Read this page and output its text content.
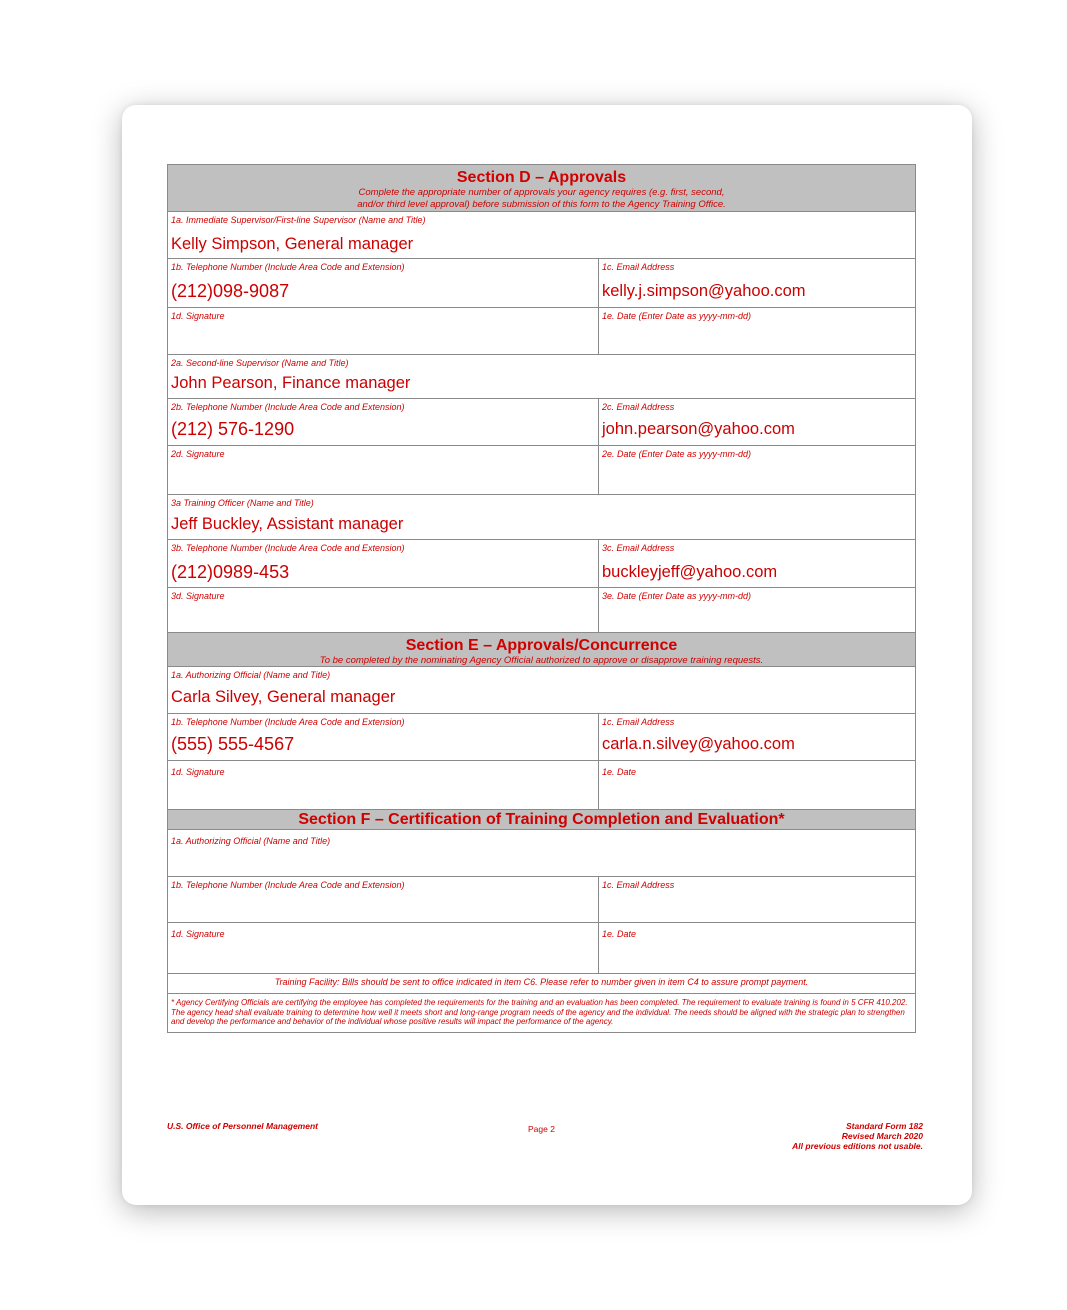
Section D – Approvals
Complete the appropriate number of approvals your agency requires (e.g. first, second,
and/or third level approval) before submission of this form to the Agency Training Office.
1a. Immediate Supervisor/First-line Supervisor (Name and Title)
Kelly Simpson, General manager
1b. Telephone Number (Include Area Code and Extension)
(212)098-9087
1c. Email Address
kelly.j.simpson@yahoo.com
1d. Signature	1e. Date (Enter Date as yyyy-mm-dd)
2a. Second-line Supervisor (Name and Title)
John Pearson, Finance manager
2b. Telephone Number (Include Area Code and Extension)
(212) 576-1290
2c. Email Address
john.pearson@yahoo.com
2d. Signature	2e. Date (Enter Date as yyyy-mm-dd)
3a Training Officer (Name and Title)
Jeff Buckley, Assistant manager
3b. Telephone Number (Include Area Code and Extension)
(212)0989-453
3c. Email Address
buckleyjeff@yahoo.com
3d. Signature	3e. Date (Enter Date as yyyy-mm-dd)
Section E – Approvals/Concurrence
To be completed by the nominating Agency Official authorized to approve or disapprove training requests.
1a. Authorizing Official (Name and Title)
Carla Silvey, General manager
1b. Telephone Number (Include Area Code and Extension)
(555) 555-4567
1c. Email Address
carla.n.silvey@yahoo.com
1d. Signature	1e. Date
Section F – Certification of Training Completion and Evaluation*
1a. Authorizing Official (Name and Title)
1b. Telephone Number (Include Area Code and Extension)	1c. Email Address
1d. Signature	1e. Date
Training Facility: Bills should be sent to office indicated in item C6. Please refer to number given in item C4 to assure prompt payment.
* Agency Certifying Officials are certifying the employee has completed the requirements for the training and an evaluation has been completed. The requirement to evaluate training is found in 5 CFR 410.202. The agency head shall evaluate training to determine how well it meets short and long-range program needs of the agency and the individual. The needs should be aligned with the strategic plan to strengthen and develop the performance and behavior of the individual whose positive results will impact the performance of the agency.
U.S. Office of Personnel Management	Page 2	Standard Form 182
Revised March 2020
All previous editions not usable.
